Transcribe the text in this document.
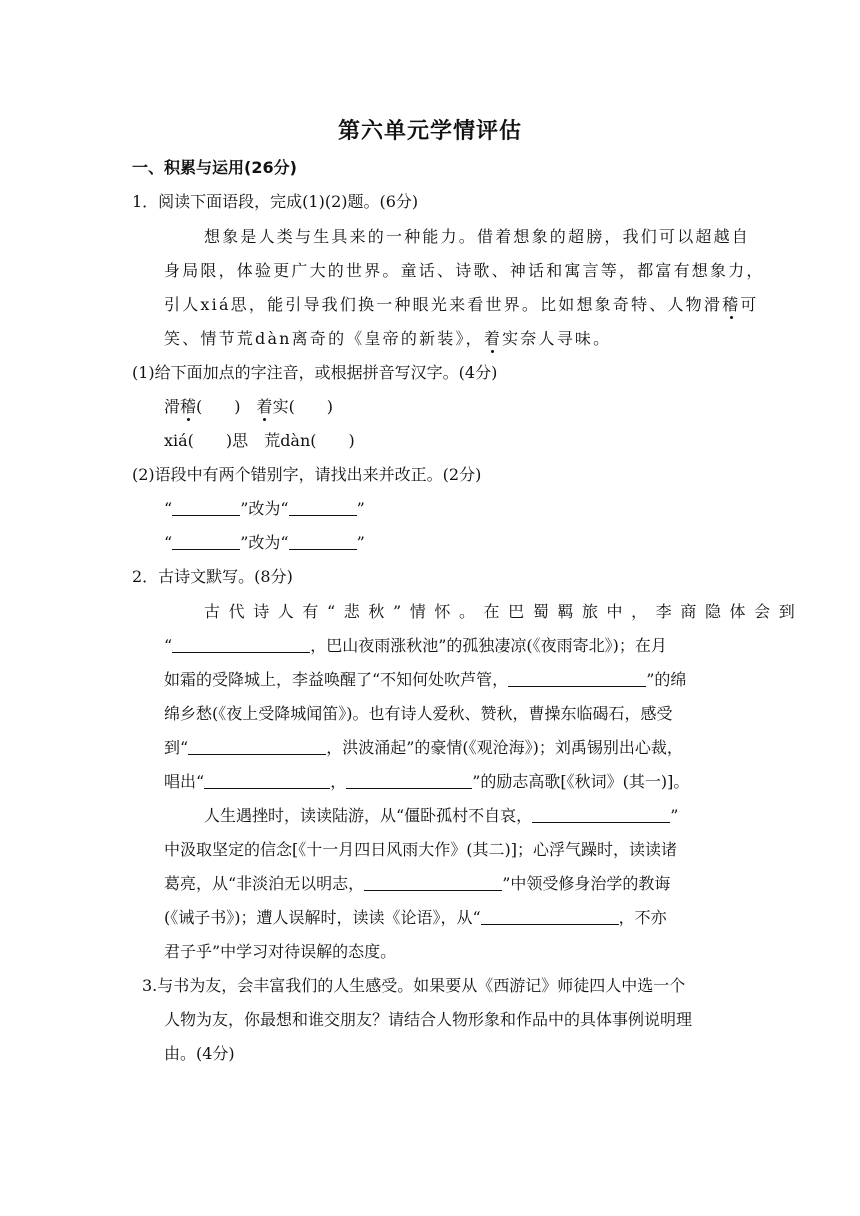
第六单元学情评估
一、积累与运用(26分)
1．阅读下面语段，完成(1)(2)题。(6分)
想象是人类与生具来的一种能力。借着想象的超膀，我们可以超越自
身局限，体验更广大的世界。童话、诗歌、神话和寓言等，都富有想象力，
引人xiá思，能引导我们换一种眼光来看世界。比如想象奇特、人物滑稽可
笑、情节荒dàn离奇的《皇帝的新装》，着实奈人寻味。
(1)给下面加点的字注音，或根据拼音写汉字。(4分)
滑稽(　　)　 着实(　　)
xiá(　　)思　 荒dàn(　　)
(2)语段中有两个错别字，请找出来并改正。(2分)
“	”改为“	”
“	”改为“	”
2．古诗文默写。(8分)
古代诗人有“悲秋”情怀。在巴蜀羁旅中，李商隐体会到
“	，巴山夜雨涨秋池”的孤独凄凉(《夜雨寄北》)；在月
如霜的受降城上，李益唤醒了“不知何处吹芦管，	”的绵
绵乡愁(《夜上受降城闻笛》)。也有诗人爱秋、赞秋，曹操东临碣石，感受
到“	，洪波涌起”的豪情(《观沧海》)；刘禹锡别出心裁，
唱出“	，	”的励志高歌[《秋词》(其一)]。
人生遇挫时，读读陆游，从“僵卧孤村不自哀，	”
中汲取坚定的信念[《十一月四日风雨大作》(其二)]；心浮气躁时，读读诸
葛亮，从“非淡泊无以明志，	”中领受修身治学的教诲
(《诫子书》)；遭人误解时，读读《论语》，从“	，不亦
君子乎”中学习对待误解的态度。
3.与书为友，会丰富我们的人生感受。如果要从《西游记》师徒四人中选一个
人物为友，你最想和谁交朋友？请结合人物形象和作品中的具体事例说明理
由。(4分)
